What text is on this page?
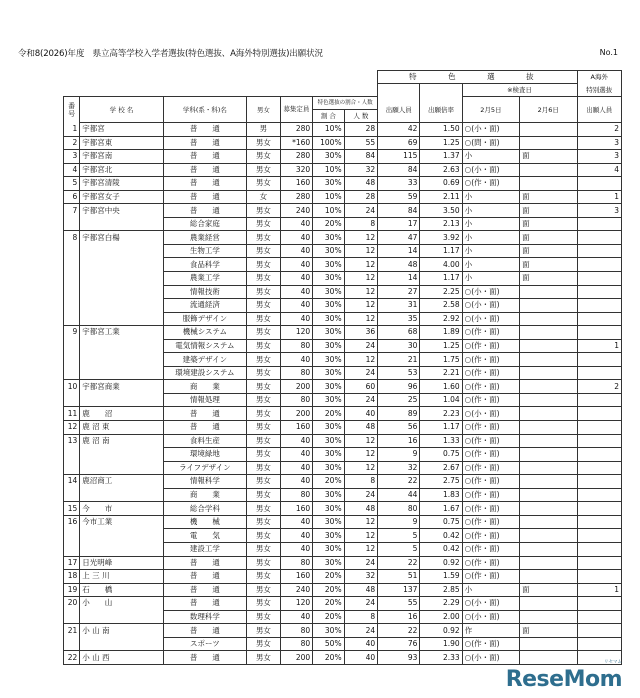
令和8(2026)年度　県立高等学校入学者選抜(特色選抜、A海外特別選抜)出願状況	No.1
							特　色　選　抜				A海外

									※検査日		特別選抜
番号	学 校 名	学科(系・科)名	男女	募集定員	特色選抜の割合・人数		出願人員	出願倍率	2月5日	2月6日	出願人員
					割 合	人 数					
1	宇都宮	普　　通	男	280	10%	28	42	1.50	○(小・面)		2
2	宇都宮東	普　　通	男女	*160	100%	55	69	1.25	○(問・面)		3
3	宇都宮南	普　　通	男女	280	30%	84	115	1.37	小	面	3
4	宇都宮北	普　　通	男女	320	10%	32	84	2.63	○(小・面)		4
5	宇都宮清陵	普　　通	男女	160	30%	48	33	0.69	○(作・面)		
6	宇都宮女子	普　　通	女	280	10%	28	59	2.11	小	面	1
7	宇都宮中央	普　　通	男女	240	10%	24	84	3.50	小	面	3
		総合家庭	男女	40	20%	8	17	2.13	小	面	
8	宇都宮白楊	農業経営	男女	40	30%	12	47	3.92	小	面	
		生物工学	男女	40	30%	12	14	1.17	小	面	
		食品科学	男女	40	30%	12	48	4.00	小	面	
		農業工学	男女	40	30%	12	14	1.17	小	面	
		情報技術	男女	40	30%	12	27	2.25	○(小・面)		
		流通経済	男女	40	30%	12	31	2.58	○(小・面)		
		服飾デザイン	男女	40	30%	12	35	2.92	○(小・面)		
9	宇都宮工業	機械システム	男女	120	30%	36	68	1.89	○(作・面)		
		電気情報システム	男女	80	30%	24	30	1.25	○(作・面)		1
		建築デザイン	男女	40	30%	12	21	1.75	○(作・面)		
		環境建設システム	男女	80	30%	24	53	2.21	○(作・面)		
10	宇都宮商業	商　　業	男女	200	30%	60	96	1.60	○(作・面)		2
		情報処理	男女	80	30%	24	25	1.04	○(作・面)		
11	鹿　　沼	普　　通	男女	200	20%	40	89	2.23	○(小・面)		
12	鹿 沼 東	普　　通	男女	160	30%	48	56	1.17	○(作・面)		
13	鹿 沼 南	食料生産	男女	40	30%	12	16	1.33	○(作・面)		
		環境緑地	男女	40	30%	12	9	0.75	○(作・面)		
		ライフデザイン	男女	40	30%	12	32	2.67	○(作・面)		
14	鹿沼商工	情報科学	男女	40	20%	8	22	2.75	○(作・面)		
		商　　業	男女	80	30%	24	44	1.83	○(作・面)		
15	今　　市	総合学科	男女	160	30%	48	80	1.67	○(作・面)		
16	今市工業	機　　械	男女	40	30%	12	9	0.75	○(作・面)		
		電　　気	男女	40	30%	12	5	0.42	○(作・面)		
		建設工学	男女	40	30%	12	5	0.42	○(作・面)		
17	日光明峰	普　　通	男女	80	30%	24	22	0.92	○(作・面)		
18	上 三 川	普　　通	男女	160	20%	32	51	1.59	○(作・面)		
19	石　　橋	普　　通	男女	240	20%	48	137	2.85	小	面	1
20	小　　山	普　　通	男女	120	20%	24	55	2.29	○(小・面)		
		数理科学	男女	40	20%	8	16	2.00	○(小・面)		
21	小 山 南	普　　通	男女	80	30%	24	22	0.92	作	面	
		スポーツ	男女	80	50%	40	76	1.90	○(作・面)		
22	小 山 西	普　　通	男女	200	20%	40	93	2.33	○(小・面)		
リセマム
ReseMom
